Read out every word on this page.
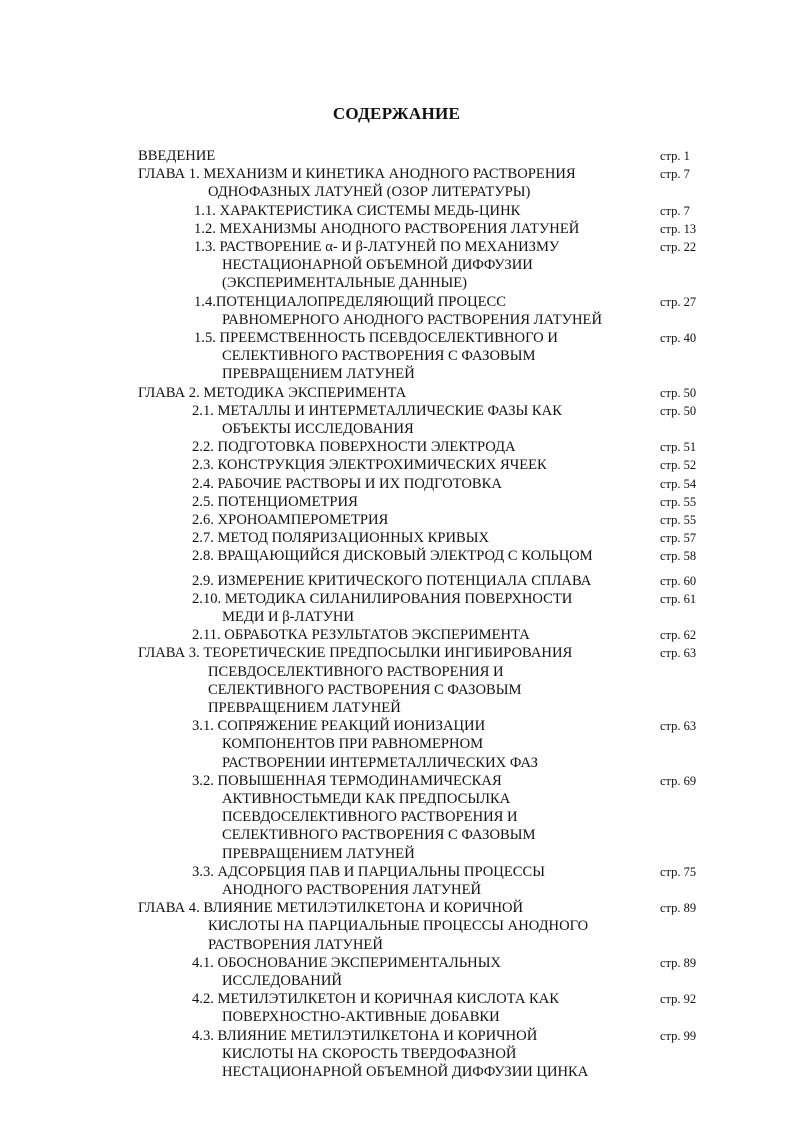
СОДЕРЖАНИЕ
ВВЕДЕНИЕ	стр. 1
ГЛАВА 1. МЕХАНИЗМ И КИНЕТИКА АНОДНОГО РАСТВОРЕНИЯ
ОДНОФАЗНЫХ ЛАТУНЕЙ (ОЗОР ЛИТЕРАТУРЫ)
стр. 7
1.1. ХАРАКТЕРИСТИКА СИСТЕМЫ МЕДЬ-ЦИНК	стр. 7
1.2. МЕХАНИЗМЫ АНОДНОГО РАСТВОРЕНИЯ ЛАТУНЕЙ	стр. 13
1.3. РАСТВОРЕНИЕ α- И β-ЛАТУНЕЙ ПО МЕХАНИЗМУ
НЕСТАЦИОНАРНОЙ ОБЪЕМНОЙ ДИФФУЗИИ
(ЭКСПЕРИМЕНТАЛЬНЫЕ ДАННЫЕ)
стр. 22
1.4.ПОТЕНЦИАЛОПРЕДЕЛЯЮЩИЙ ПРОЦЕСС
РАВНОМЕРНОГО АНОДНОГО РАСТВОРЕНИЯ ЛАТУНЕЙ
стр. 27
1.5. ПРЕЕМСТВЕННОСТЬ ПСЕВДОСЕЛЕКТИВНОГО И
СЕЛЕКТИВНОГО РАСТВОРЕНИЯ С ФАЗОВЫМ
ПРЕВРАЩЕНИЕМ ЛАТУНЕЙ
стр. 40
ГЛАВА 2. МЕТОДИКА ЭКСПЕРИМЕНТА	стр. 50
2.1. МЕТАЛЛЫ И ИНТЕРМЕТАЛЛИЧЕСКИЕ ФАЗЫ КАК
ОБЪЕКТЫ ИССЛЕДОВАНИЯ
стр. 50
2.2. ПОДГОТОВКА ПОВЕРХНОСТИ ЭЛЕКТРОДА	стр. 51
2.3. КОНСТРУКЦИЯ ЭЛЕКТРОХИМИЧЕСКИХ ЯЧЕЕК	стр. 52
2.4. РАБОЧИЕ РАСТВОРЫ И ИХ ПОДГОТОВКА	стр. 54
2.5. ПОТЕНЦИОМЕТРИЯ	стр. 55
2.6. ХРОНОАМПЕРОМЕТРИЯ	стр. 55
2.7. МЕТОД ПОЛЯРИЗАЦИОННЫХ КРИВЫХ	стр. 57
2.8. ВРАЩАЮЩИЙСЯ ДИСКОВЫЙ ЭЛЕКТРОД С КОЛЬЦОМ	стр. 58
2.9. ИЗМЕРЕНИЕ КРИТИЧЕСКОГО ПОТЕНЦИАЛА СПЛАВА	стр. 60
2.10. МЕТОДИКА СИЛАНИЛИРОВАНИЯ ПОВЕРХНОСТИ
МЕДИ И β-ЛАТУНИ
стр. 61
2.11. ОБРАБОТКА РЕЗУЛЬТАТОВ ЭКСПЕРИМЕНТА	стр. 62
ГЛАВА 3. ТЕОРЕТИЧЕСКИЕ ПРЕДПОСЫЛКИ ИНГИБИРОВАНИЯ
ПСЕВДОСЕЛЕКТИВНОГО РАСТВОРЕНИЯ И
СЕЛЕКТИВНОГО РАСТВОРЕНИЯ С ФАЗОВЫМ
ПРЕВРАЩЕНИЕМ ЛАТУНЕЙ
стр. 63
3.1. СОПРЯЖЕНИЕ РЕАКЦИЙ ИОНИЗАЦИИ
КОМПОНЕНТОВ ПРИ РАВНОМЕРНОМ
РАСТВОРЕНИИ ИНТЕРМЕТАЛЛИЧЕСКИХ ФАЗ
стр. 63
3.2. ПОВЫШЕННАЯ ТЕРМОДИНАМИЧЕСКАЯ
АКТИВНОСТЬМЕДИ КАК ПРЕДПОСЫЛКА
ПСЕВДОСЕЛЕКТИВНОГО РАСТВОРЕНИЯ И
СЕЛЕКТИВНОГО РАСТВОРЕНИЯ С ФАЗОВЫМ
ПРЕВРАЩЕНИЕМ ЛАТУНЕЙ
стр. 69
3.3. АДСОРБЦИЯ ПАВ И ПАРЦИАЛЬНЫ ПРОЦЕССЫ
АНОДНОГО РАСТВОРЕНИЯ ЛАТУНЕЙ
стр. 75
ГЛАВА 4. ВЛИЯНИЕ МЕТИЛЭТИЛКЕТОНА И КОРИЧНОЙ
КИСЛОТЫ НА ПАРЦИАЛЬНЫЕ ПРОЦЕССЫ АНОДНОГО
РАСТВОРЕНИЯ ЛАТУНЕЙ
стр. 89
4.1. ОБОСНОВАНИЕ ЭКСПЕРИМЕНТАЛЬНЫХ
ИССЛЕДОВАНИЙ
стр. 89
4.2. МЕТИЛЭТИЛКЕТОН И КОРИЧНАЯ КИСЛОТА КАК
ПОВЕРХНОСТНО-АКТИВНЫЕ ДОБАВКИ
стр. 92
4.3. ВЛИЯНИЕ МЕТИЛЭТИЛКЕТОНА И КОРИЧНОЙ
КИСЛОТЫ НА СКОРОСТЬ ТВЕРДОФАЗНОЙ
НЕСТАЦИОНАРНОЙ ОБЪЕМНОЙ ДИФФУЗИИ ЦИНКА
стр. 99
